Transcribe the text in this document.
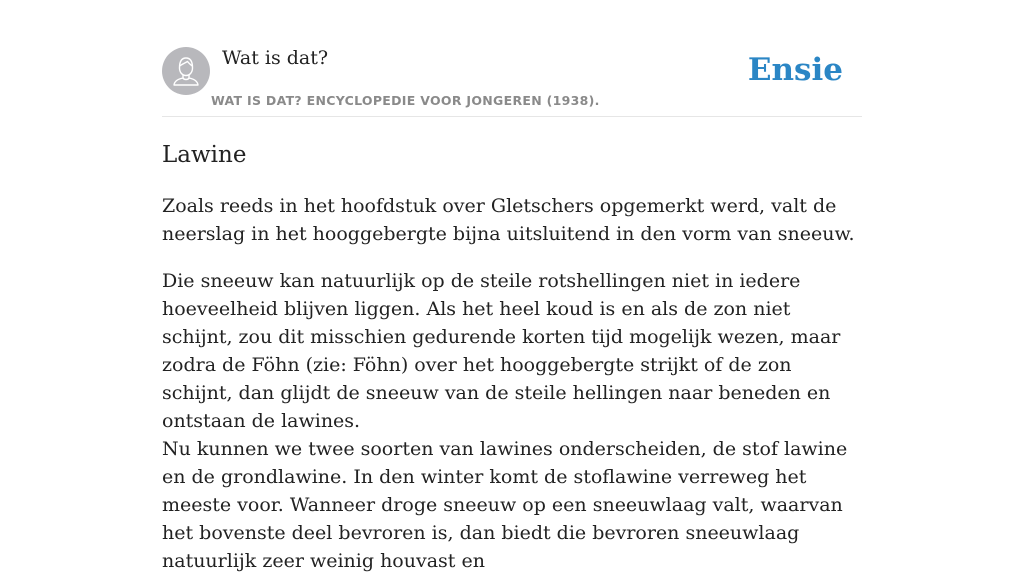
Wat is dat?
WAT IS DAT? ENCYCLOPEDIE VOOR JONGEREN (1938).
Ensie
Lawine

Zoals reeds in het hoofdstuk over Gletschers opgemerkt werd, valt de neerslag in het hooggebergte bijna uitsluitend in den vorm van sneeuw.

Die sneeuw kan natuurlijk op de steile rotshellingen niet in iedere hoeveelheid blijven liggen. Als het heel koud is en als de zon niet schijnt, zou dit misschien gedurende korten tijd mogelijk wezen, maar zodra de Föhn (zie: Föhn) over het hooggebergte strijkt of de zon schijnt, dan glijdt de sneeuw van de steile hellingen naar beneden en ontstaan de lawines.

Nu kunnen we twee soorten van lawines onderscheiden, de stof lawine en de grondlawine. In den winter komt de stoflawine verreweg het meeste voor. Wanneer droge sneeuw op een sneeuwlaag valt, waarvan het bovenste deel bevroren is, dan biedt die bevroren sneeuwlaag natuurlijk zeer weinig houvast en
